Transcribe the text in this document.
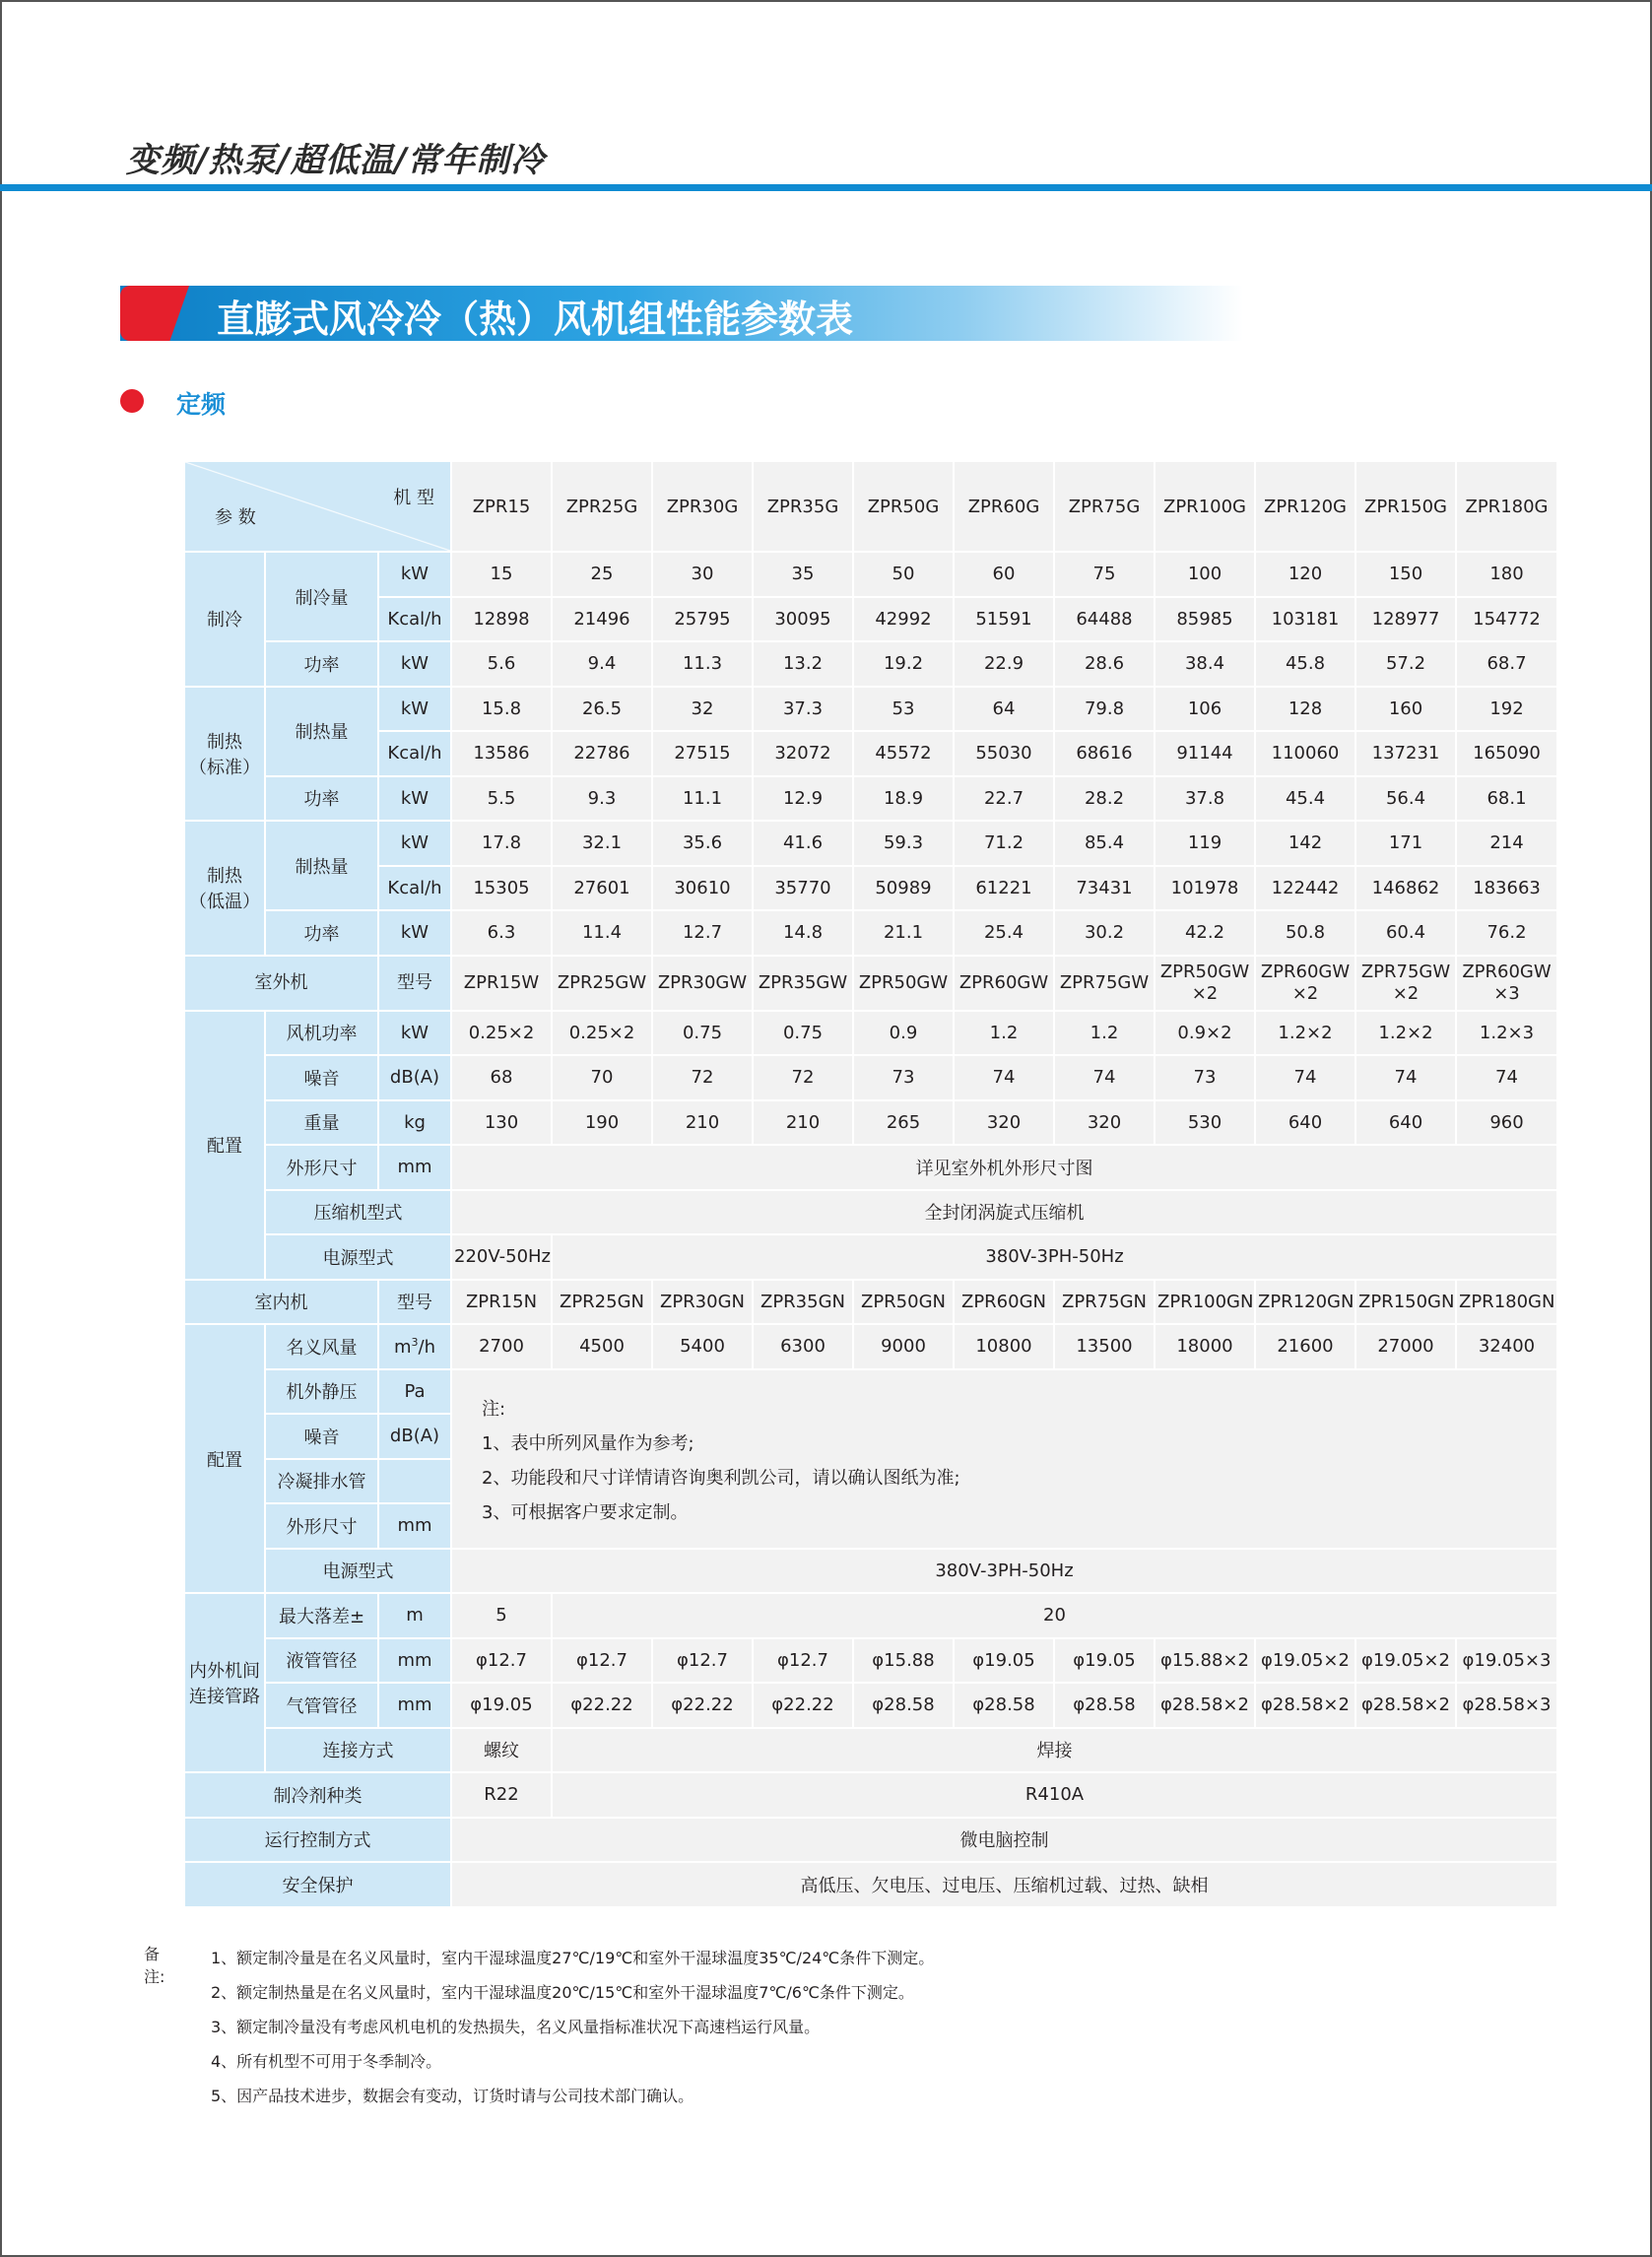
变频/热泵/超低温/常年制冷
直膨式风冷冷（热）风机组性能参数表
定频
机 型
参 数			ZPR15	ZPR25G	ZPR30G	ZPR35G	ZPR50G	ZPR60G	ZPR75G	ZPR100G	ZPR120G	ZPR150G	ZPR180G
制冷	制冷量	kW	15	25	30	35	50	60	75	100	120	150	180
		Kcal/h	12898	21496	25795	30095	42992	51591	64488	85985	103181	128977	154772
	功率	kW	5.6	9.4	11.3	13.2	19.2	22.9	28.6	38.4	45.8	57.2	68.7
制热
（标准）	制热量	kW	15.8	26.5	32	37.3	53	64	79.8	106	128	160	192
		Kcal/h	13586	22786	27515	32072	45572	55030	68616	91144	110060	137231	165090
	功率	kW	5.5	9.3	11.1	12.9	18.9	22.7	28.2	37.8	45.4	56.4	68.1
制热
（低温）	制热量	kW	17.8	32.1	35.6	41.6	59.3	71.2	85.4	119	142	171	214
		Kcal/h	15305	27601	30610	35770	50989	61221	73431	101978	122442	146862	183663
	功率	kW	6.3	11.4	12.7	14.8	21.1	25.4	30.2	42.2	50.8	60.4	76.2
室外机		型号	ZPR15W	ZPR25GW	ZPR30GW	ZPR35GW	ZPR50GW	ZPR60GW	ZPR75GW	ZPR50GW ×2	ZPR60GW ×2	ZPR75GW ×2	ZPR60GW ×3
配置	风机功率	kW	0.25×2	0.25×2	0.75	0.75	0.9	1.2	1.2	0.9×2	1.2×2	1.2×2	1.2×3
	噪音	dB(A)	68	70	72	72	73	74	74	73	74	74	74
	重量	kg	130	190	210	210	265	320	320	530	640	640	960
	外形尺寸	mm	详见室外机外形尺寸图										
	压缩机型式		全封闭涡旋式压缩机										
	电源型式		220V-50Hz	380V-3PH-50Hz									
室内机		型号	ZPR15N	ZPR25GN	ZPR30GN	ZPR35GN	ZPR50GN	ZPR60GN	ZPR75GN	ZPR100GN	ZPR120GN	ZPR150GN	ZPR180GN
配置	名义风量	$m^3/h$	2700	4500	5400	6300	9000	10800	13500	18000	21600	27000	32400
	机外静压	Pa	注:
1、表中所列风量作为参考;
2、功能段和尺寸详情请咨询奥利凯公司，请以确认图纸为准;
3、可根据客户要求定制。										

	噪音	dB(A)											
	冷凝排水管												
	外形尺寸	mm											
	电源型式		380V-3PH-50Hz										
内外机间
连接管路	最大落差±	m	5	20									
	液管管径	mm	φ12.7	φ12.7	φ12.7	φ12.7	φ15.88	φ19.05	φ19.05	φ15.88×2	φ19.05×2	φ19.05×2	φ19.05×3
	气管管径	mm	φ19.05	φ22.22	φ22.22	φ22.22	φ28.58	φ28.58	φ28.58	φ28.58×2	φ28.58×2	φ28.58×2	φ28.58×3
	连接方式		螺纹	焊接									
制冷剂种类			R22	R410A									
运行控制方式			微电脑控制										
安全保护			高低压、欠电压、过电压、压缩机过载、过热、缺相										
备注:
1、额定制冷量是在名义风量时，室内干湿球温度27℃/19℃和室外干湿球温度35℃/24℃条件下测定。
2、额定制热量是在名义风量时，室内干湿球温度20℃/15℃和室外干湿球温度7℃/6℃条件下测定。
3、额定制冷量没有考虑风机电机的发热损失，名义风量指标准状况下高速档运行风量。
4、所有机型不可用于冬季制冷。
5、因产品技术进步，数据会有变动，订货时请与公司技术部门确认。
